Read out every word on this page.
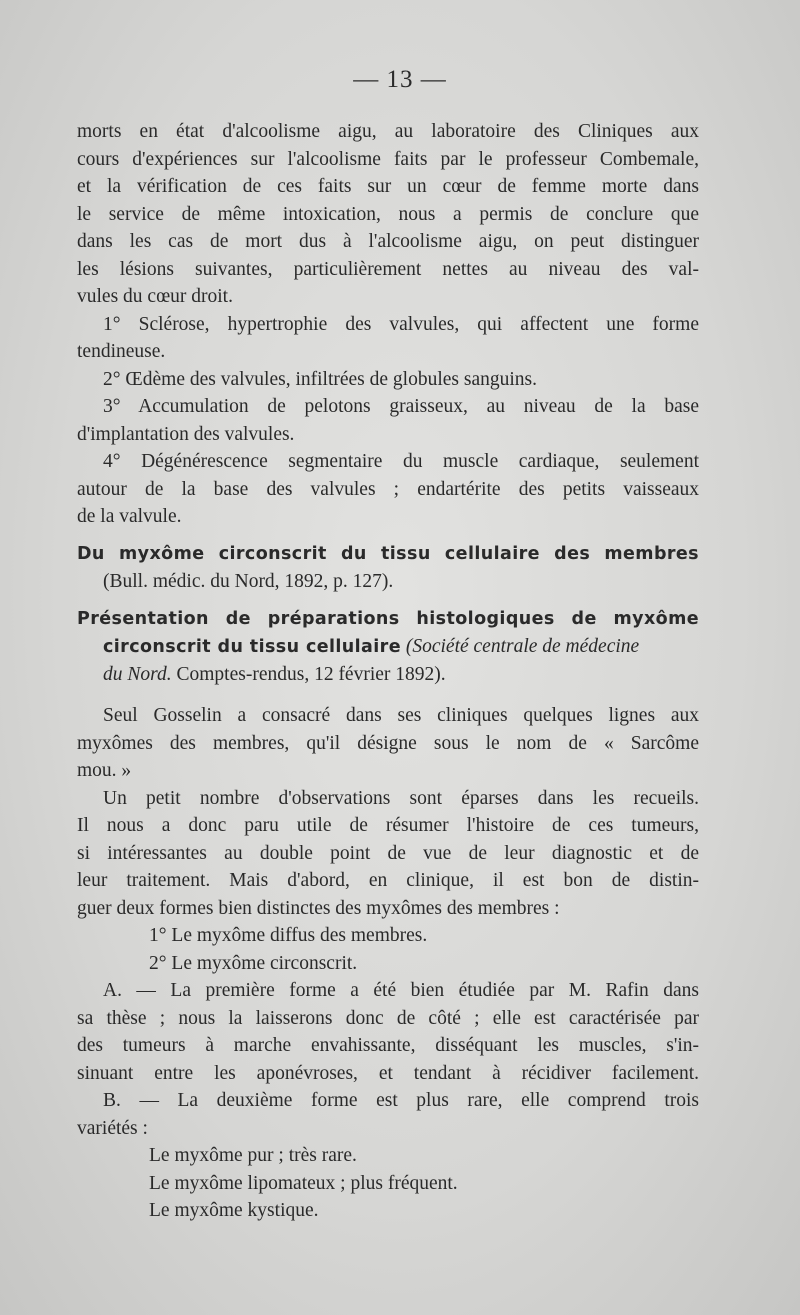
— 13 —
morts en état d'alcoolisme aigu, au laboratoire des Cliniques aux
cours d'expériences sur l'alcoolisme faits par le professeur Combemale,
et la vérification de ces faits sur un cœur de femme morte dans
le service de même intoxication, nous a permis de conclure que
dans les cas de mort dus à l'alcoolisme aigu, on peut distinguer
les lésions suivantes, particulièrement nettes au niveau des val-
vules du cœur droit.
1° Sclérose, hypertrophie des valvules, qui affectent une forme
tendineuse.
2° Œdème des valvules, infiltrées de globules sanguins.
3° Accumulation de pelotons graisseux, au niveau de la base
d'implantation des valvules.
4° Dégénérescence segmentaire du muscle cardiaque, seulement
autour de la base des valvules ; endartérite des petits vaisseaux
de la valvule.
Du myxôme circonscrit du tissu cellulaire des membres
(Bull. médic. du Nord, 1892, p. 127).
Présentation de préparations histologiques de myxôme
circonscrit du tissu cellulaire (Société centrale de médecine
du Nord. Comptes-rendus, 12 février 1892).
Seul Gosselin a consacré dans ses cliniques quelques lignes aux
myxômes des membres, qu'il désigne sous le nom de « Sarcôme
mou. »
Un petit nombre d'observations sont éparses dans les recueils.
Il nous a donc paru utile de résumer l'histoire de ces tumeurs,
si intéressantes au double point de vue de leur diagnostic et de
leur traitement. Mais d'abord, en clinique, il est bon de distin-
guer deux formes bien distinctes des myxômes des membres :
1° Le myxôme diffus des membres.
2° Le myxôme circonscrit.
A. — La première forme a été bien étudiée par M. Rafin dans
sa thèse ; nous la laisserons donc de côté ; elle est caractérisée par
des tumeurs à marche envahissante, disséquant les muscles, s'in-
sinuant entre les aponévroses, et tendant à récidiver facilement.
B. — La deuxième forme est plus rare, elle comprend trois
variétés :
Le myxôme pur ; très rare.
Le myxôme lipomateux ; plus fréquent.
Le myxôme kystique.
